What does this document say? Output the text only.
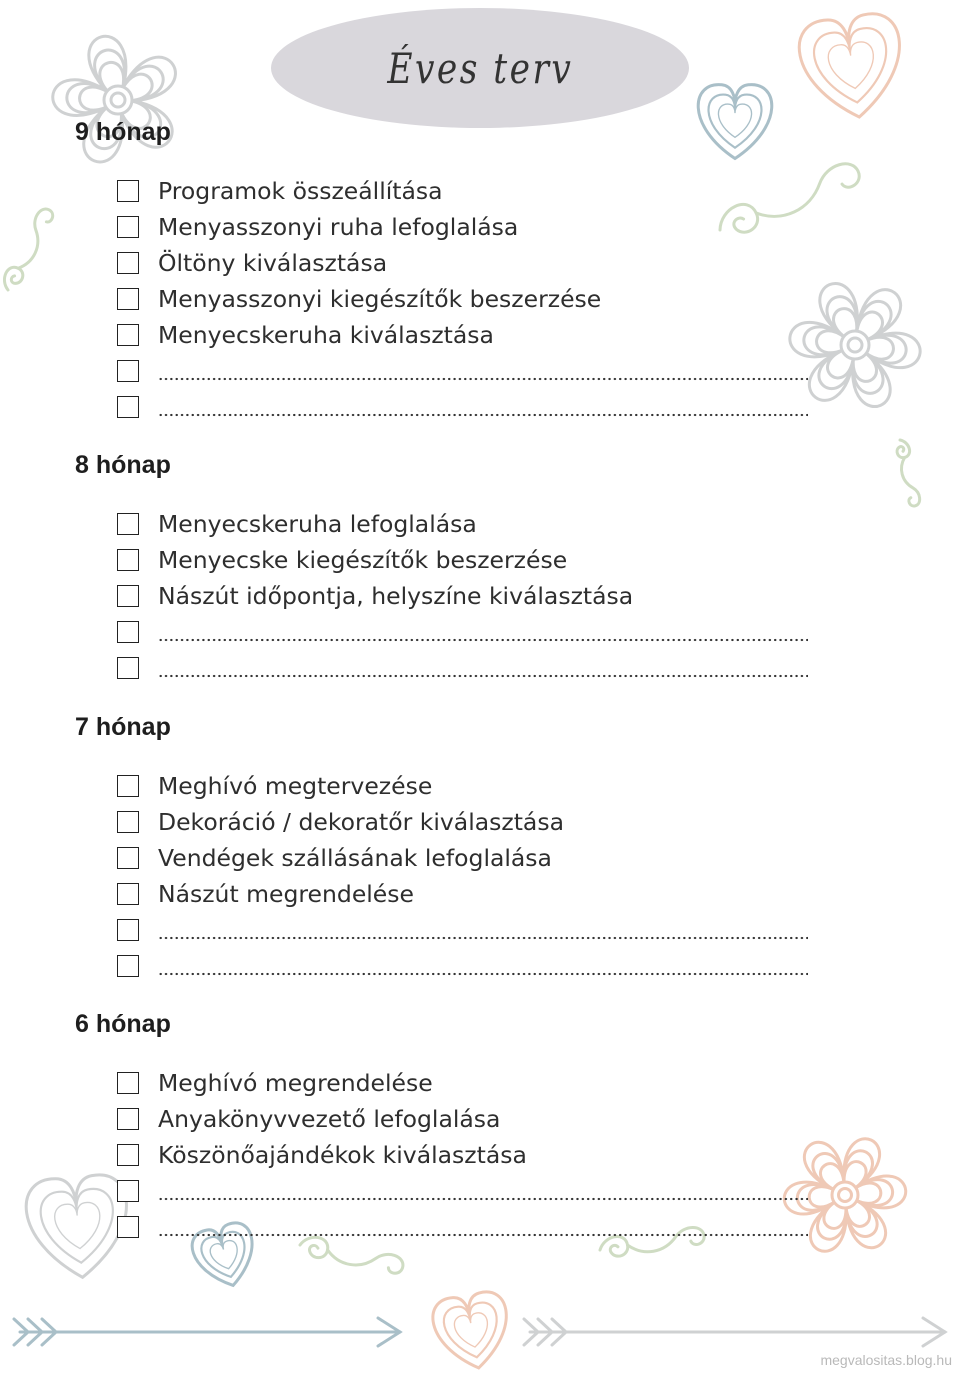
Éves terv
9 hónap
Programok összeállítása
Menyasszonyi ruha lefoglalása
Öltöny kiválasztása
Menyasszonyi kiegészítők beszerzése
Menyecskeruha kiválasztása
8 hónap
Menyecskeruha lefoglalása
Menyecske kiegészítők beszerzése
Nászút időpontja, helyszíne kiválasztása
7 hónap
Meghívó megtervezése
Dekoráció / dekoratőr kiválasztása
Vendégek szállásának lefoglalása
Nászút megrendelése
6 hónap
Meghívó megrendelése
Anyakönyvvezető lefoglalása
Köszönőajándékok kiválasztása
megvalositas.blog.hu
